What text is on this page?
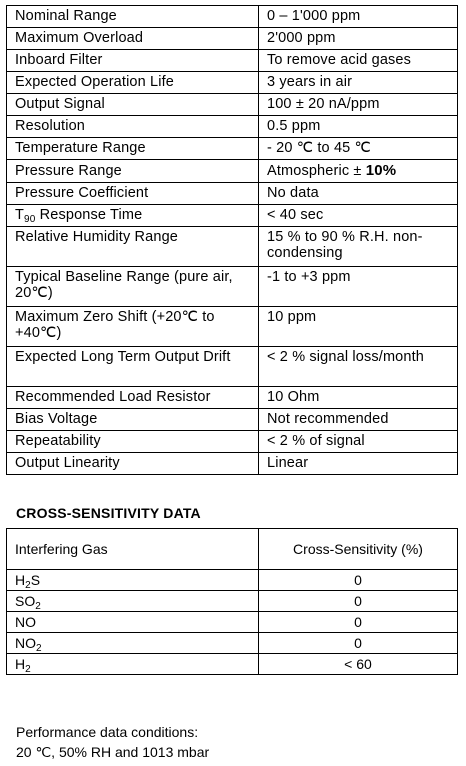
Nominal Range	0 – 1'000 ppm
Maximum Overload	2'000 ppm
Inboard Filter	To remove acid gases
Expected Operation Life	3 years in air
Output Signal	100 ± 20 nA/ppm
Resolution	0.5 ppm
Temperature Range	- 20 ℃ to 45 ℃
Pressure Range	Atmospheric ± 10%
Pressure Coefficient	No data
$T_{90}$ Response Time	< 40 sec
Relative Humidity Range	15 % to 90 % R.H. non-condensing
Typical Baseline Range (pure air, 20℃)	-1 to +3 ppm
Maximum Zero Shift (+20℃ to +40℃)	10 ppm
Expected Long Term Output Drift	< 2 % signal loss/month
Recommended Load Resistor	10 Ohm
Bias Voltage	Not recommended
Repeatability	< 2 % of signal
Output Linearity	Linear
CROSS-SENSITIVITY DATA
Interfering Gas	Cross-Sensitivity (%)
$H_2S$	0
$SO_2$	0
NO	0
$NO_2$	0
$H_2$	< 60
Performance data conditions:
20 ℃, 50% RH and 1013 mbar
